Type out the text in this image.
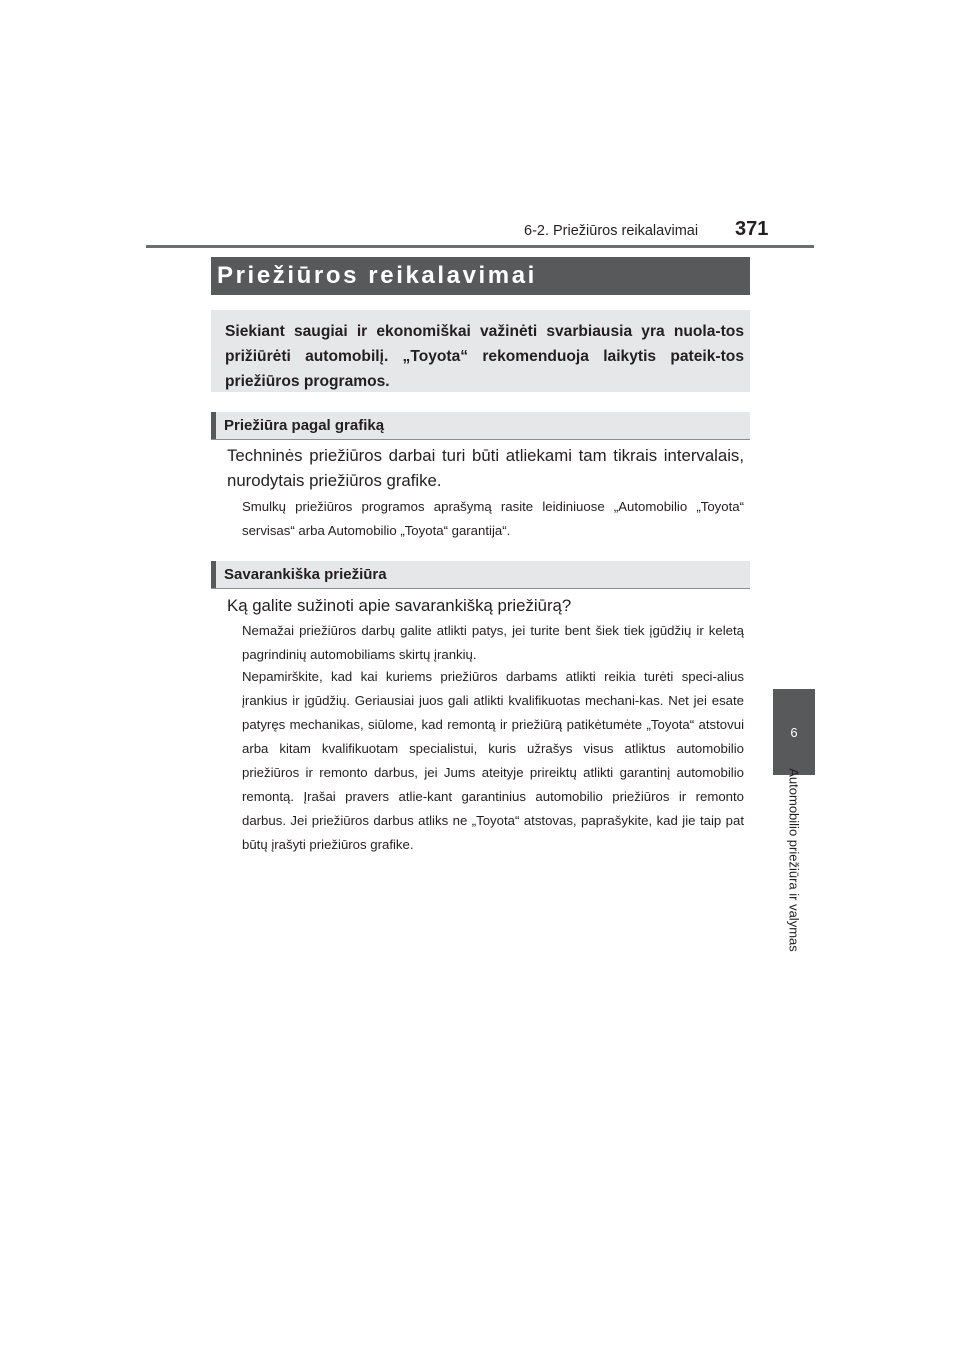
6-2. Priežiūros reikalavimai 371
6
Automobilio priežiūra ir valymas
Priežiūros reikalavimai
Siekiant saugiai ir ekonomiškai važinėti svarbiausia yra nuola-tos prižiūrėti automobilį. „Toyota“ rekomenduoja laikytis pateik-tos priežiūros programos.
Priežiūra pagal grafiką
Techninės priežiūros darbai turi būti atliekami tam tikrais intervalais, nurodytais priežiūros grafike.
Smulkų priežiūros programos aprašymą rasite leidiniuose „Automobilio „Toyota“ servisas“ arba Automobilio „Toyota“ garantija“.
Savarankiška priežiūra
Ką galite sužinoti apie savarankišką priežiūrą?
Nemažai priežiūros darbų galite atlikti patys, jei turite bent šiek tiek įgūdžių ir keletą pagrindinių automobiliams skirtų įrankių.
Nepamirškite, kad kai kuriems priežiūros darbams atlikti reikia turėti speci-alius įrankius ir įgūdžių. Geriausiai juos gali atlikti kvalifikuotas mechani-kas. Net jei esate patyręs mechanikas, siūlome, kad remontą ir priežiūrą patikėtumėte „Toyota“ atstovui arba kitam kvalifikuotam specialistui, kuris užrašys visus atliktus automobilio priežiūros ir remonto darbus, jei Jums ateityje prireiktų atlikti garantinį automobilio remontą. Įrašai pravers atlie-kant garantinius automobilio priežiūros ir remonto darbus. Jei priežiūros darbus atliks ne „Toyota“ atstovas, paprašykite, kad jie taip pat būtų įrašyti priežiūros grafike.
